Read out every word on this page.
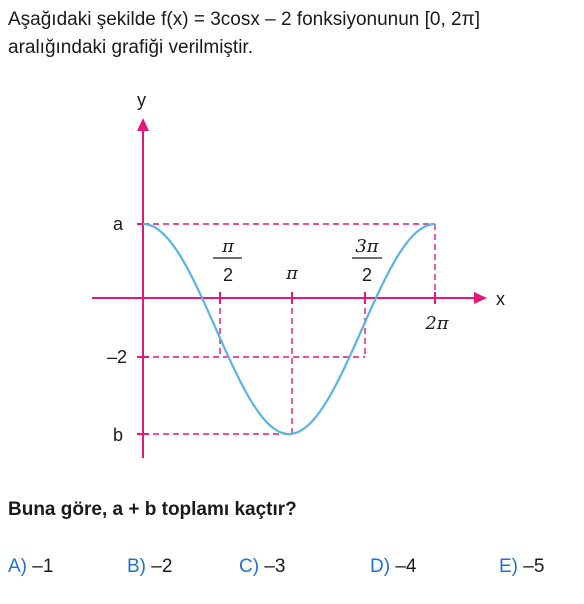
Aşağıdaki şekilde f(x) = 3cosx – 2 fonksiyonunun [0, 2π]
aralığındaki grafiği verilmiştir.
y
x
a
–2
b
π
2	π
3π
2
2π
Buna göre, a + b toplamı kaçtır?
A) –1	B) –2	C) –3	D) –4	E) –5
